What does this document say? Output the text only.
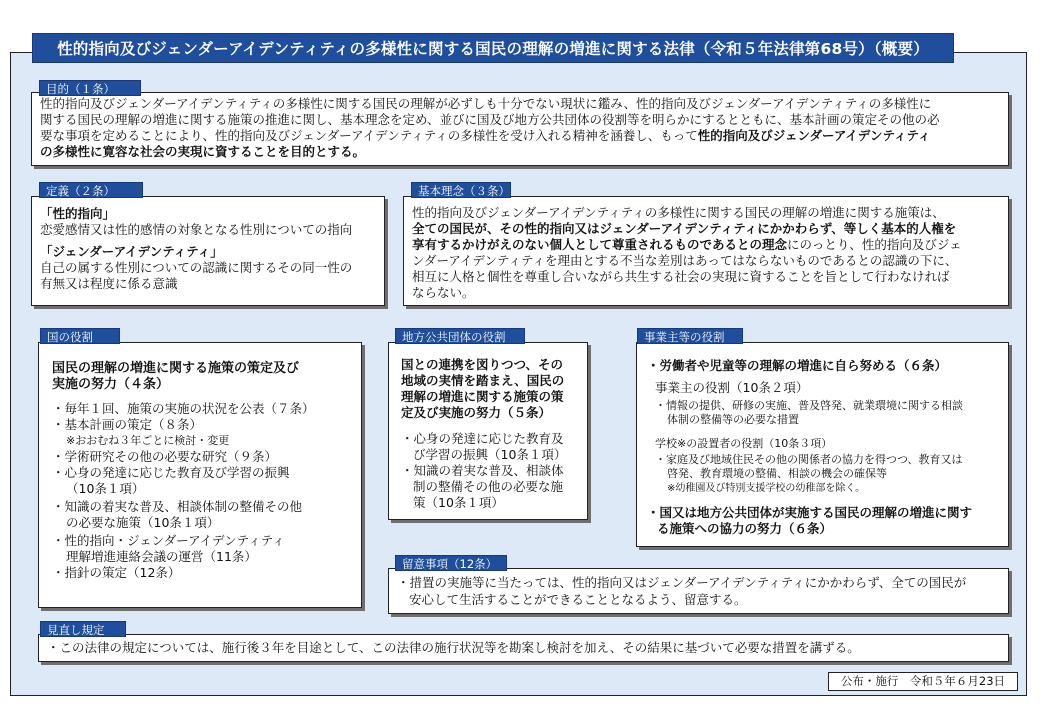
性的指向及びジェンダーアイデンティティの多様性に関する国民の理解の増進に関する法律（令和５年法律第68号）（概要）
性的指向及びジェンダーアイデンティティの多様性に関する国民の理解が必ずしも十分でない現状に鑑み、性的指向及びジェンダーアイデンティティの多様性に
関する国民の理解の増進に関する施策の推進に関し、基本理念を定め、並びに国及び地方公共団体の役割等を明らかにするとともに、基本計画の策定その他の必
要な事項を定めることにより、性的指向及びジェンダーアイデンティティの多様性を受け入れる精神を涵養し、もって性的指向及びジェンダーアイデンティティ
の多様性に寛容な社会の実現に資することを目的とする。
目的（１条）
「性的指向」
恋愛感情又は性的感情の対象となる性別についての指向
「ジェンダーアイデンティティ」
自己の属する性別についての認識に関するその同一性の
有無又は程度に係る意識
定義（２条）
性的指向及びジェンダーアイデンティティの多様性に関する国民の理解の増進に関する施策は、
全ての国民が、その性的指向又はジェンダーアイデンティティにかかわらず、等しく基本的人権を
享有するかけがえのない個人として尊重されるものであるとの理念にのっとり、性的指向及びジェ
ンダーアイデンティティを理由とする不当な差別はあってはならないものであるとの認識の下に、
相互に人格と個性を尊重し合いながら共生する社会の実現に資することを旨として行わなければ
ならない。
基本理念（３条）
国民の理解の増進に関する施策の策定及び
実施の努力（４条）
・毎年１回、施策の実施の状況を公表（７条）
・基本計画の策定（８条）
※おおむね３年ごとに検討・変更
・学術研究その他の必要な研究（９条）
・心身の発達に応じた教育及び学習の振興
（10条１項）
・知識の着実な普及、相談体制の整備その他
の必要な施策（10条１項）
・性的指向・ジェンダーアイデンティティ
理解増進連絡会議の運営（11条）
・指針の策定（12条）
国の役割
国との連携を図りつつ、その
地域の実情を踏まえ、国民の
理解の増進に関する施策の策
定及び実施の努力（５条）
・心身の発達に応じた教育及
び学習の振興（10条１項）
・知識の着実な普及、相談体
制の整備その他の必要な施
策（10条１項）
地方公共団体の役割
・労働者や児童等の理解の増進に自ら努める（６条）
事業主の役割（10条２項）
・情報の提供、研修の実施、普及啓発、就業環境に関する相談
体制の整備等の必要な措置
学校※の設置者の役割（10条３項）
・家庭及び地域住民その他の関係者の協力を得つつ、教育又は
啓発、教育環境の整備、相談の機会の確保等
※幼稚園及び特別支援学校の幼稚部を除く。
・国又は地方公共団体が実施する国民の理解の増進に関す
る施策への協力の努力（６条）
事業主等の役割
・措置の実施等に当たっては、性的指向又はジェンダーアイデンティティにかかわらず、全ての国民が
安心して生活することができることとなるよう、留意する。
留意事項（12条）
・この法律の規定については、施行後３年を目途として、この法律の施行状況等を勘案し検討を加え、その結果に基づいて必要な措置を講ずる。
見直し規定
公布・施行　令和５年６月23日
